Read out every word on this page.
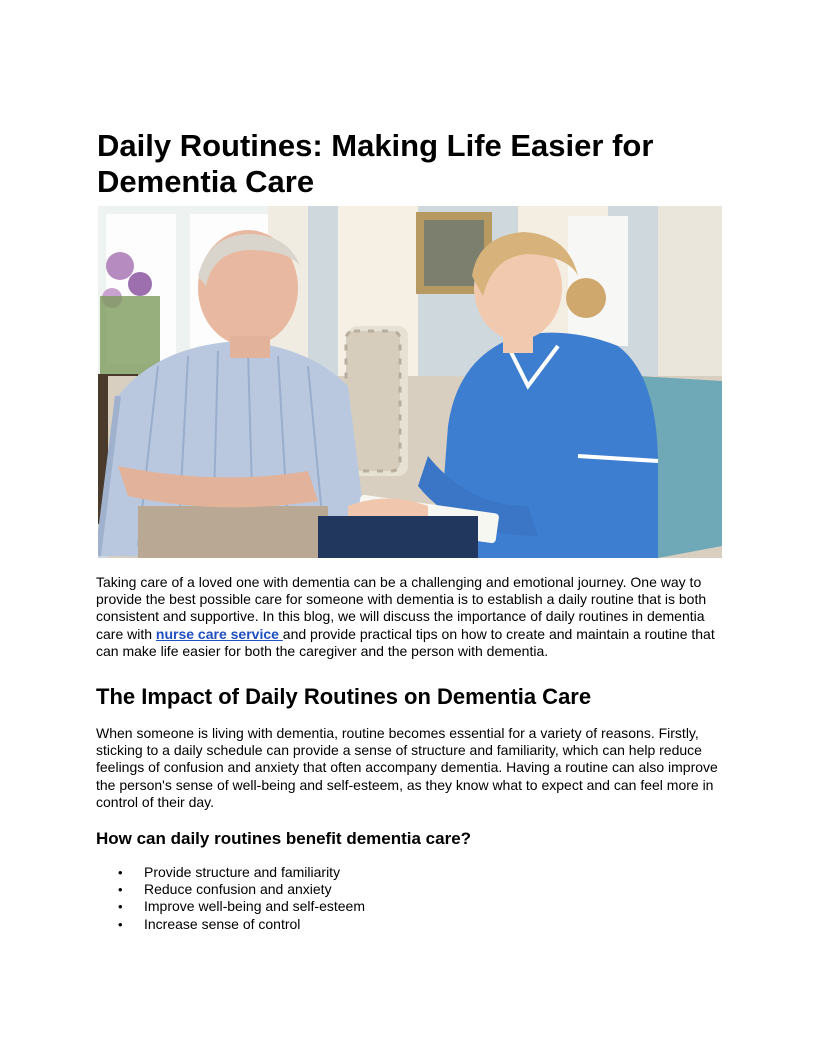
Daily Routines: Making Life Easier for Dementia Care

Taking care of a loved one with dementia can be a challenging and emotional journey. One way to provide the best possible care for someone with dementia is to establish a daily routine that is both consistent and supportive. In this blog, we will discuss the importance of daily routines in dementia care with nurse care service and provide practical tips on how to create and maintain a routine that can make life easier for both the caregiver and the person with dementia.

The Impact of Daily Routines on Dementia Care

When someone is living with dementia, routine becomes essential for a variety of reasons. Firstly, sticking to a daily schedule can provide a sense of structure and familiarity, which can help reduce feelings of confusion and anxiety that often accompany dementia. Having a routine can also improve the person's sense of well-being and self-esteem, as they know what to expect and can feel more in control of their day.

How can daily routines benefit dementia care?
• Provide structure and familiarity
• Reduce confusion and anxiety
• Improve well-being and self-esteem
• Increase sense of control
